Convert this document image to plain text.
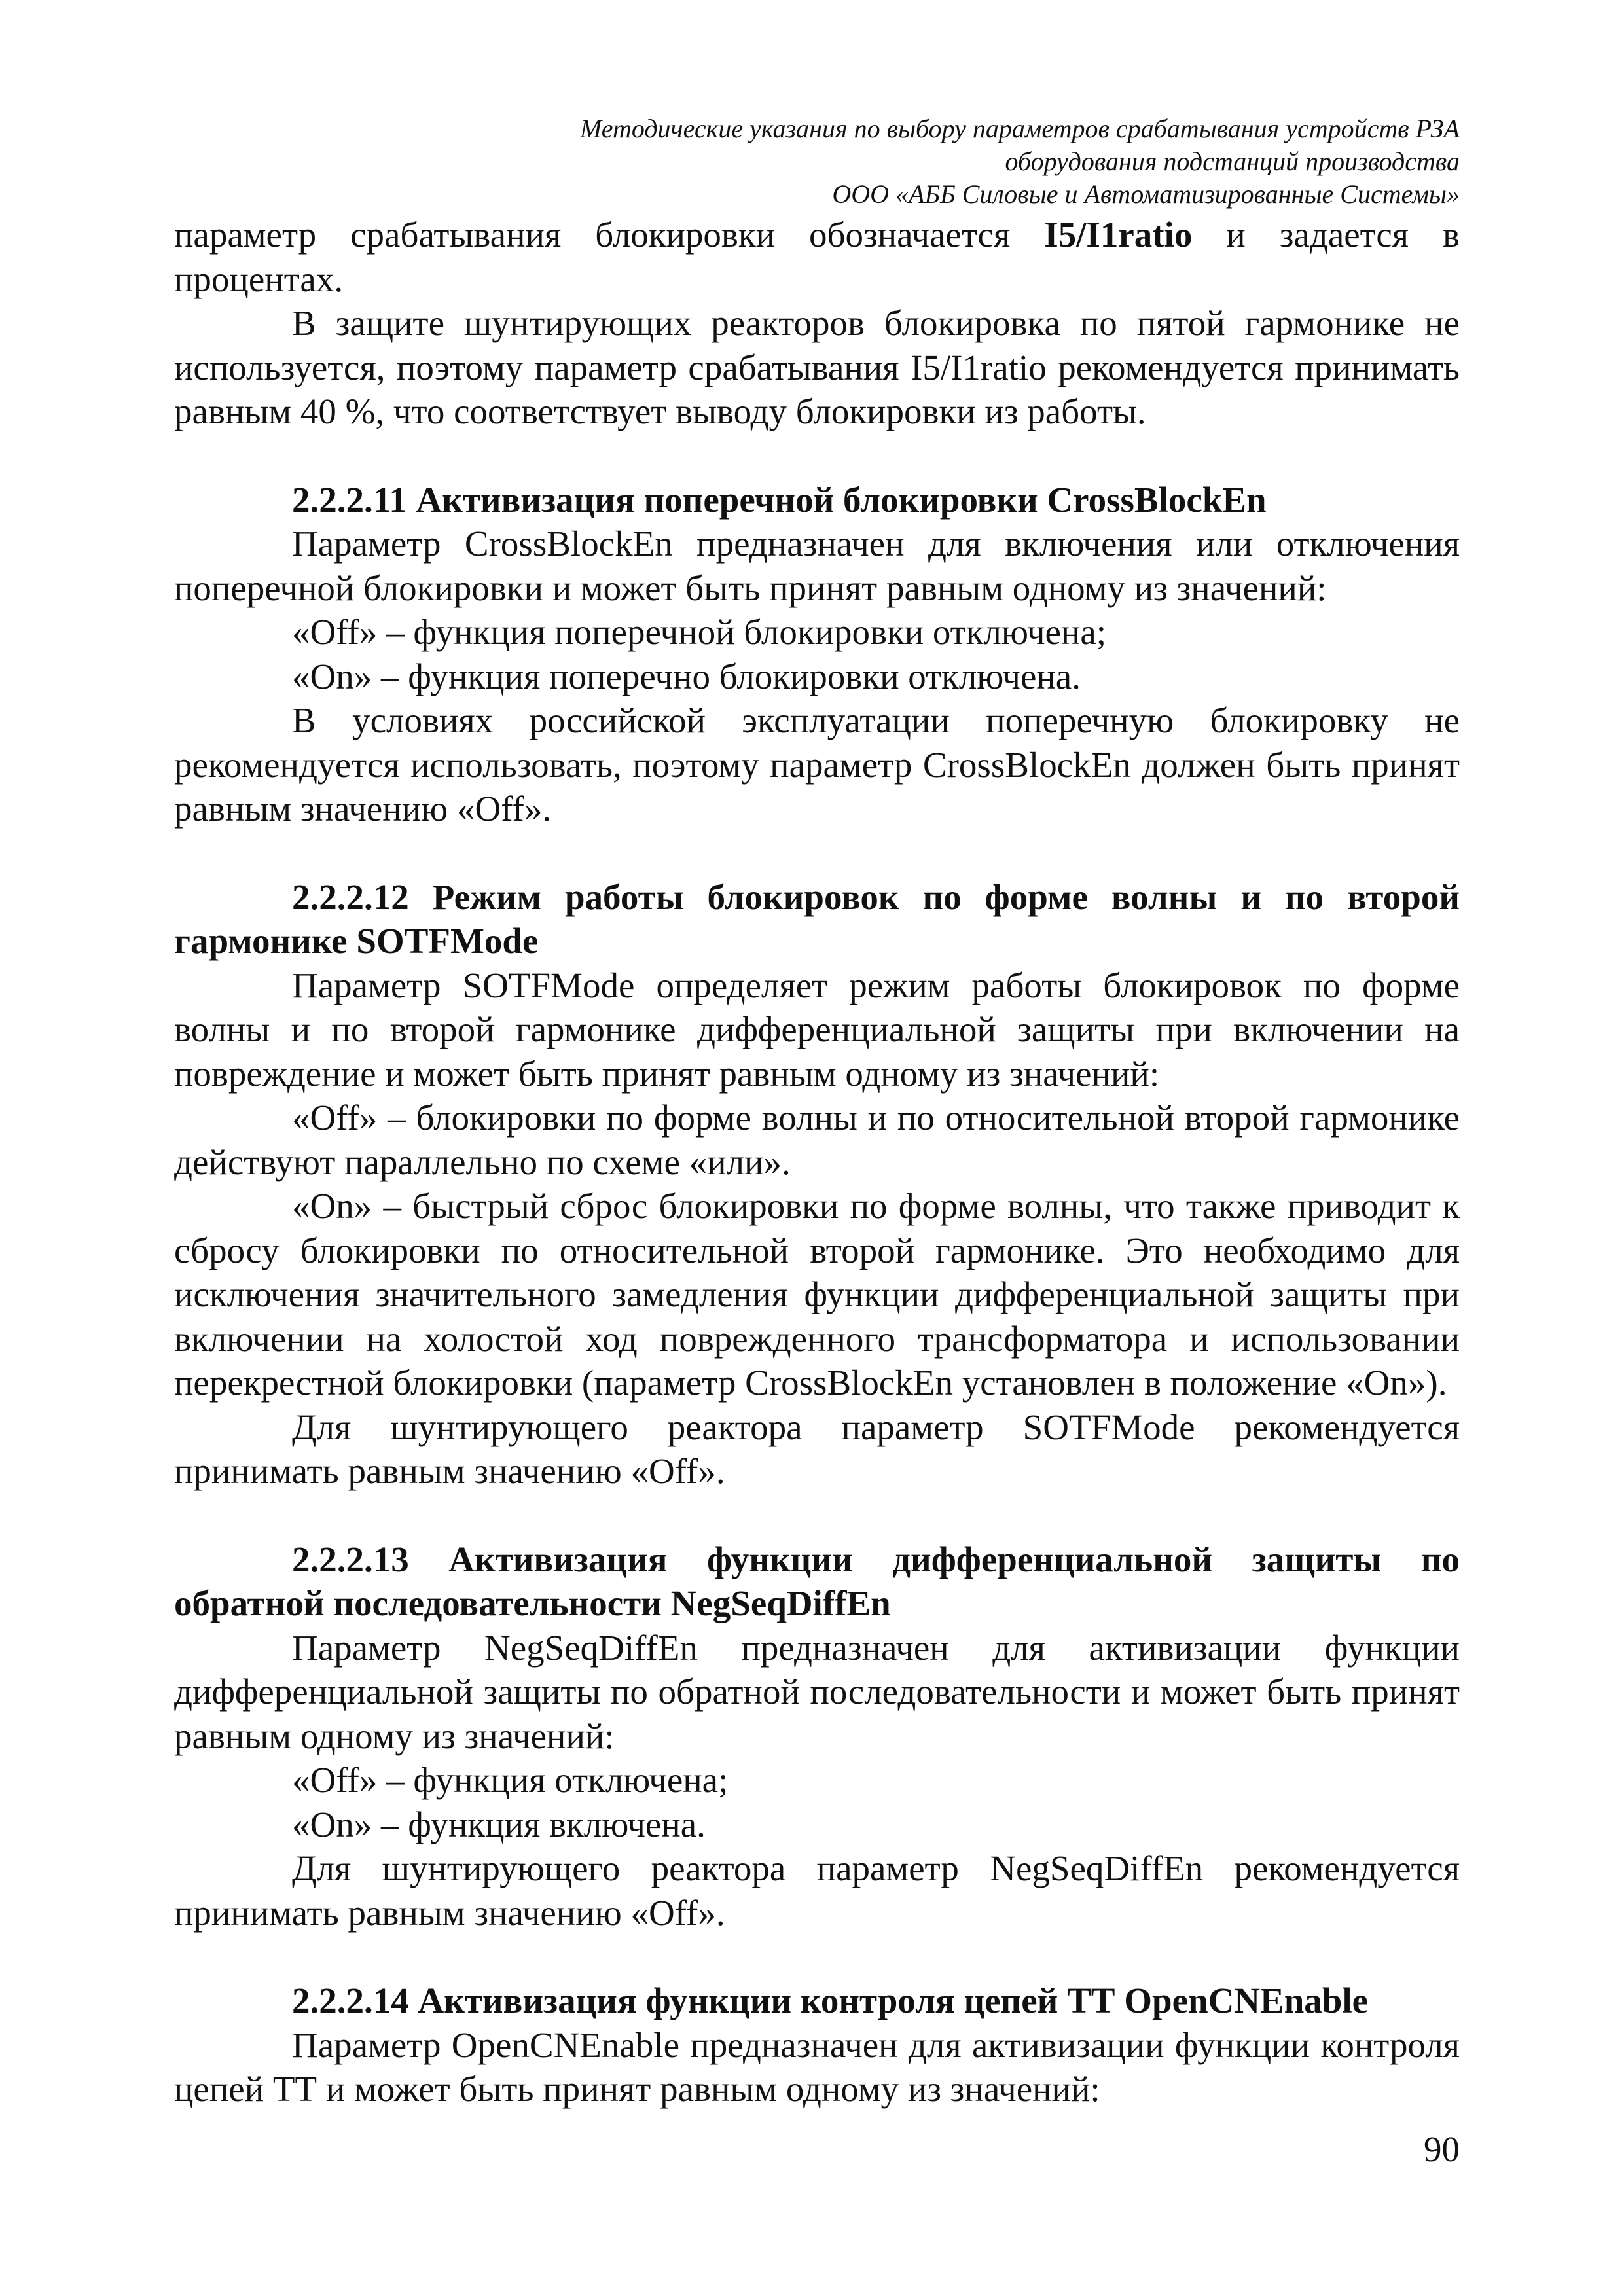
Методические указания по выбору параметров срабатывания устройств РЗА
оборудования подстанций производства
ООО «АББ Силовые и Автоматизированные Системы»

параметр срабатывания блокировки обозначается I5/I1ratio и задается в процентах.

В защите шунтирующих реакторов блокировка по пятой гармонике не используется, поэтому параметр срабатывания I5/I1ratio рекомендуется принимать равным 40 %, что соответствует выводу блокировки из работы.

2.2.2.11 Активизация поперечной блокировки CrossBlockEn

Параметр CrossBlockEn предназначен для включения или отключения поперечной блокировки и может быть принят равным одному из значений:

«Off» – функция поперечной блокировки отключена;

«On» – функция поперечно блокировки отключена.

В условиях российской эксплуатации поперечную блокировку не рекомендуется использовать, поэтому параметр CrossBlockEn должен быть принят равным значению «Off».

2.2.2.12 Режим работы блокировок по форме волны и по второй гармонике SOTFMode

Параметр SOTFMode определяет режим работы блокировок по форме волны и по второй гармонике дифференциальной защиты при включении на повреждение и может быть принят равным одному из значений:

«Off» – блокировки по форме волны и по относительной второй гармонике действуют параллельно по схеме «или».

«On» – быстрый сброс блокировки по форме волны, что также приводит к сбросу блокировки по относительной второй гармонике. Это необходимо для исключения значительного замедления функции дифференциальной защиты при включении на холостой ход поврежденного трансформатора и использовании перекрестной блокировки (параметр CrossBlockEn установлен в положение «On»).

Для шунтирующего реактора параметр SOTFMode рекомендуется принимать равным значению «Off».

2.2.2.13 Активизация функции дифференциальной защиты по обратной последовательности NegSeqDiffEn

Параметр NegSeqDiffEn предназначен для активизации функции дифференциальной защиты по обратной последовательности и может быть принят равным одному из значений:

«Off» – функция отключена;

«On» – функция включена.

Для шунтирующего реактора параметр NegSeqDiffEn рекомендуется принимать равным значению «Off».

2.2.2.14 Активизация функции контроля цепей ТТ OpenCNEnable

Параметр OpenCNEnable предназначен для активизации функции контроля цепей ТТ и может быть принят равным одному из значений:

90
